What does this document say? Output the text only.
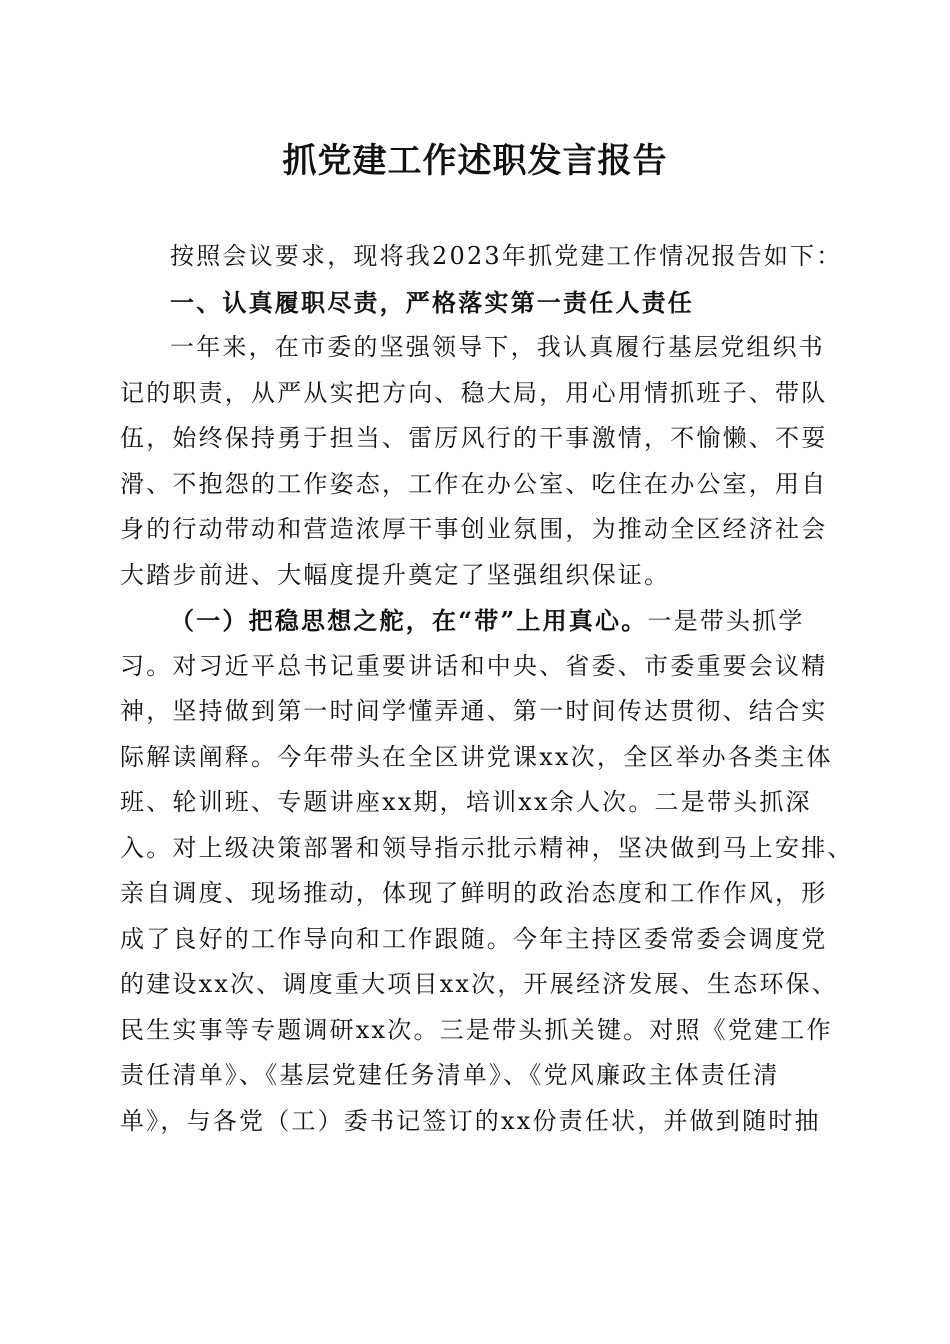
抓党建工作述职发言报告
按照会议要求，现将我2023年抓党建工作情况报告如下：
一、认真履职尽责，严格落实第一责任人责任
一年来，在市委的坚强领导下，我认真履行基层党组织书
记的职责，从严从实把方向、稳大局，用心用情抓班子、带队
伍，始终保持勇于担当、雷厉风行的干事激情，不愉懒、不耍
滑、不抱怨的工作姿态，工作在办公室、吃住在办公室，用自
身的行动带动和营造浓厚干事创业氛围，为推动全区经济社会
大踏步前进、大幅度提升奠定了坚强组织保证。
（一）把稳思想之舵，在“带”上用真心。一是带头抓学
习。对习近平总书记重要讲话和中央、省委、市委重要会议精
神，坚持做到第一时间学懂弄通、第一时间传达贯彻、结合实
际解读阐释。今年带头在全区讲党课xx次，全区举办各类主体
班、轮训班、专题讲座xx期，培训xx余人次。二是带头抓深
入。对上级决策部署和领导指示批示精神，坚决做到马上安排、
亲自调度、现场推动，体现了鲜明的政治态度和工作作风，形
成了良好的工作导向和工作跟随。今年主持区委常委会调度党
的建设xx次、调度重大项目xx次，开展经济发展、生态环保、
民生实事等专题调研xx次。三是带头抓关键。对照《党建工作
责任清单》、《基层党建任务清单》、《党风廉政主体责任清
单》，与各党（工）委书记签订的xx份责任状，并做到随时抽
